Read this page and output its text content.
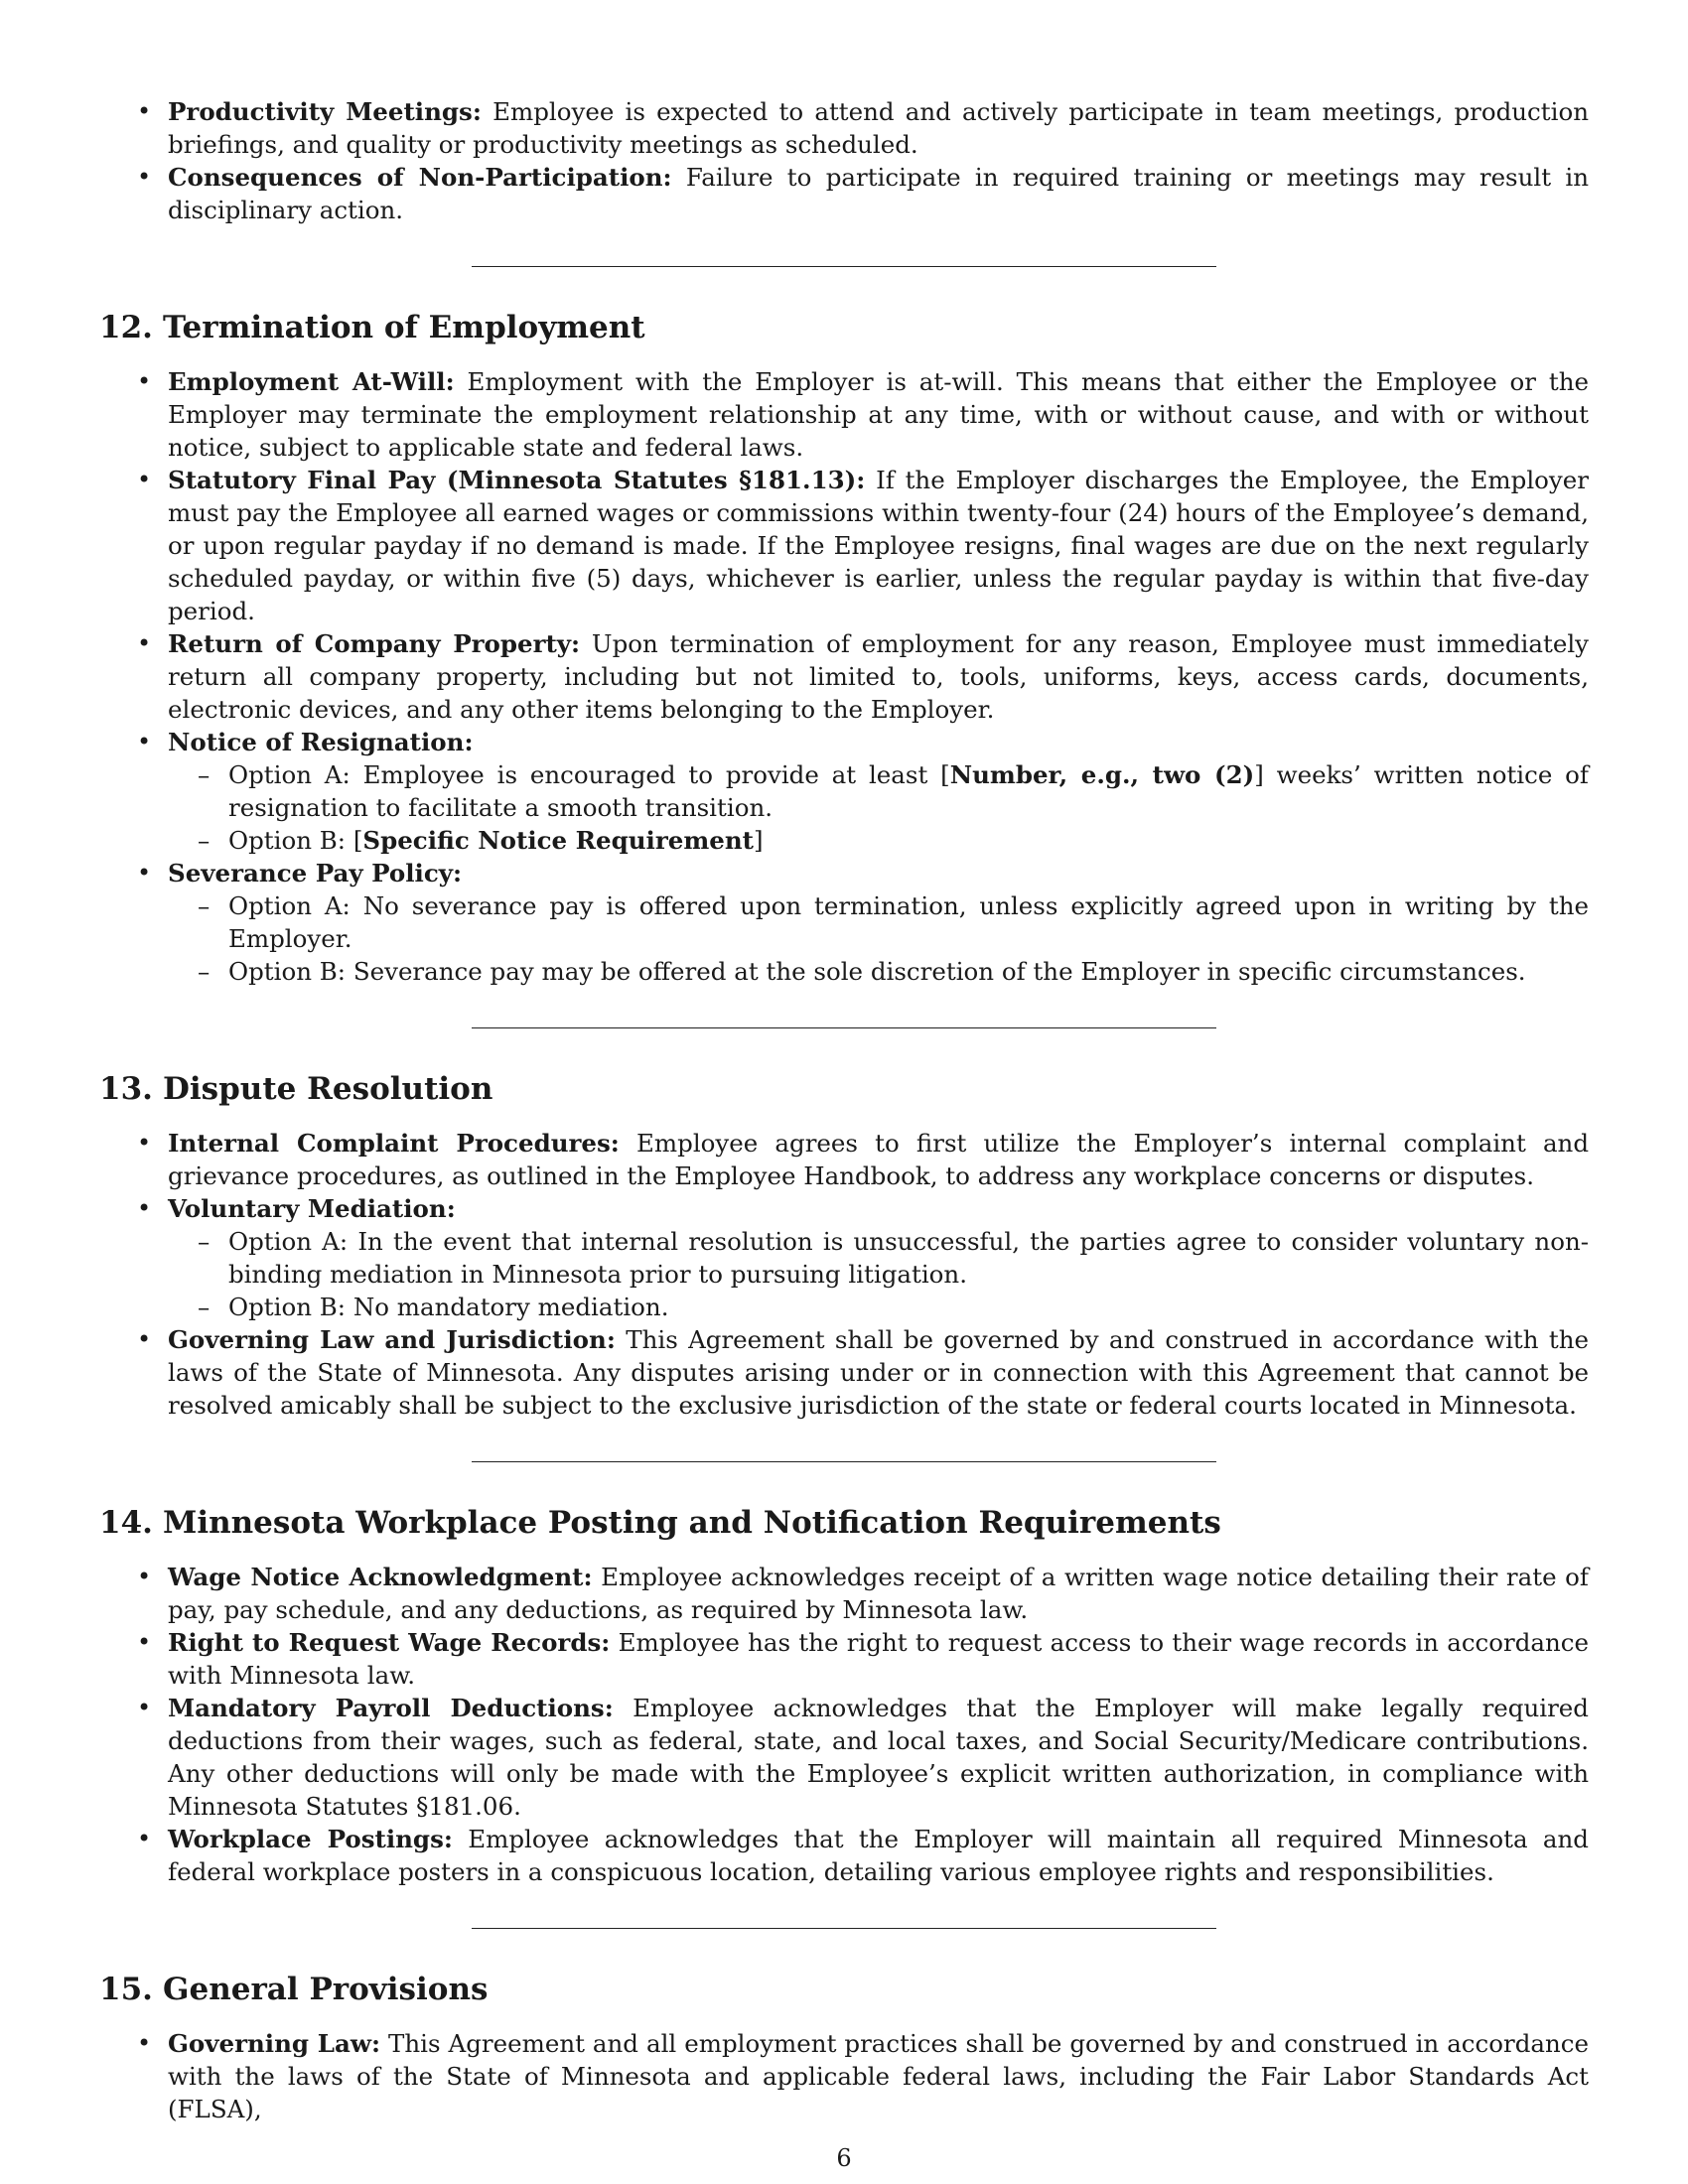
• Productivity Meetings: Employee is expected to attend and actively participate in team meetings, production briefings, and quality or productivity meetings as scheduled.
• Consequences of Non-Participation: Failure to participate in required training or meetings may result in disciplinary action.
12. Termination of Employment
• Employment At-Will: Employment with the Employer is at-will. This means that either the Employee or the Employer may terminate the employment relationship at any time, with or without cause, and with or without notice, subject to applicable state and federal laws.
• Statutory Final Pay (Minnesota Statutes §181.13): If the Employer discharges the Employee, the Employer must pay the Employee all earned wages or commissions within twenty-four (24) hours of the Employee’s demand, or upon regular payday if no demand is made. If the Employee resigns, final wages are due on the next regularly scheduled payday, or within five (5) days, whichever is earlier, unless the regular payday is within that five-day period.
• Return of Company Property: Upon termination of employment for any reason, Employee must immediately return all company property, including but not limited to, tools, uniforms, keys, access cards, documents, electronic devices, and any other items belonging to the Employer.
• Notice of Resignation:
– Option A: Employee is encouraged to provide at least [Number, e.g., two (2)] weeks’ written notice of resignation to facilitate a smooth transition.
– Option B: [Specific Notice Requirement]
• Severance Pay Policy:
– Option A: No severance pay is offered upon termination, unless explicitly agreed upon in writing by the Employer.
– Option B: Severance pay may be offered at the sole discretion of the Employer in specific circumstances.
13. Dispute Resolution
• Internal Complaint Procedures: Employee agrees to first utilize the Employer’s internal complaint and grievance procedures, as outlined in the Employee Handbook, to address any workplace concerns or disputes.
• Voluntary Mediation:
– Option A: In the event that internal resolution is unsuccessful, the parties agree to consider voluntary non-binding mediation in Minnesota prior to pursuing litigation.
– Option B: No mandatory mediation.
• Governing Law and Jurisdiction: This Agreement shall be governed by and construed in accordance with the laws of the State of Minnesota. Any disputes arising under or in connection with this Agreement that cannot be resolved amicably shall be subject to the exclusive jurisdiction of the state or federal courts located in Minnesota.
14. Minnesota Workplace Posting and Notification Requirements
• Wage Notice Acknowledgment: Employee acknowledges receipt of a written wage notice detailing their rate of pay, pay schedule, and any deductions, as required by Minnesota law.
• Right to Request Wage Records: Employee has the right to request access to their wage records in accordance with Minnesota law.
• Mandatory Payroll Deductions: Employee acknowledges that the Employer will make legally required deductions from their wages, such as federal, state, and local taxes, and Social Security/Medicare contributions. Any other deductions will only be made with the Employee’s explicit written authorization, in compliance with Minnesota Statutes §181.06.
• Workplace Postings: Employee acknowledges that the Employer will maintain all required Minnesota and federal workplace posters in a conspicuous location, detailing various employee rights and responsibilities.
15. General Provisions
• Governing Law: This Agreement and all employment practices shall be governed by and construed in accordance with the laws of the State of Minnesota and applicable federal laws, including the Fair Labor Standards Act (FLSA),
6
